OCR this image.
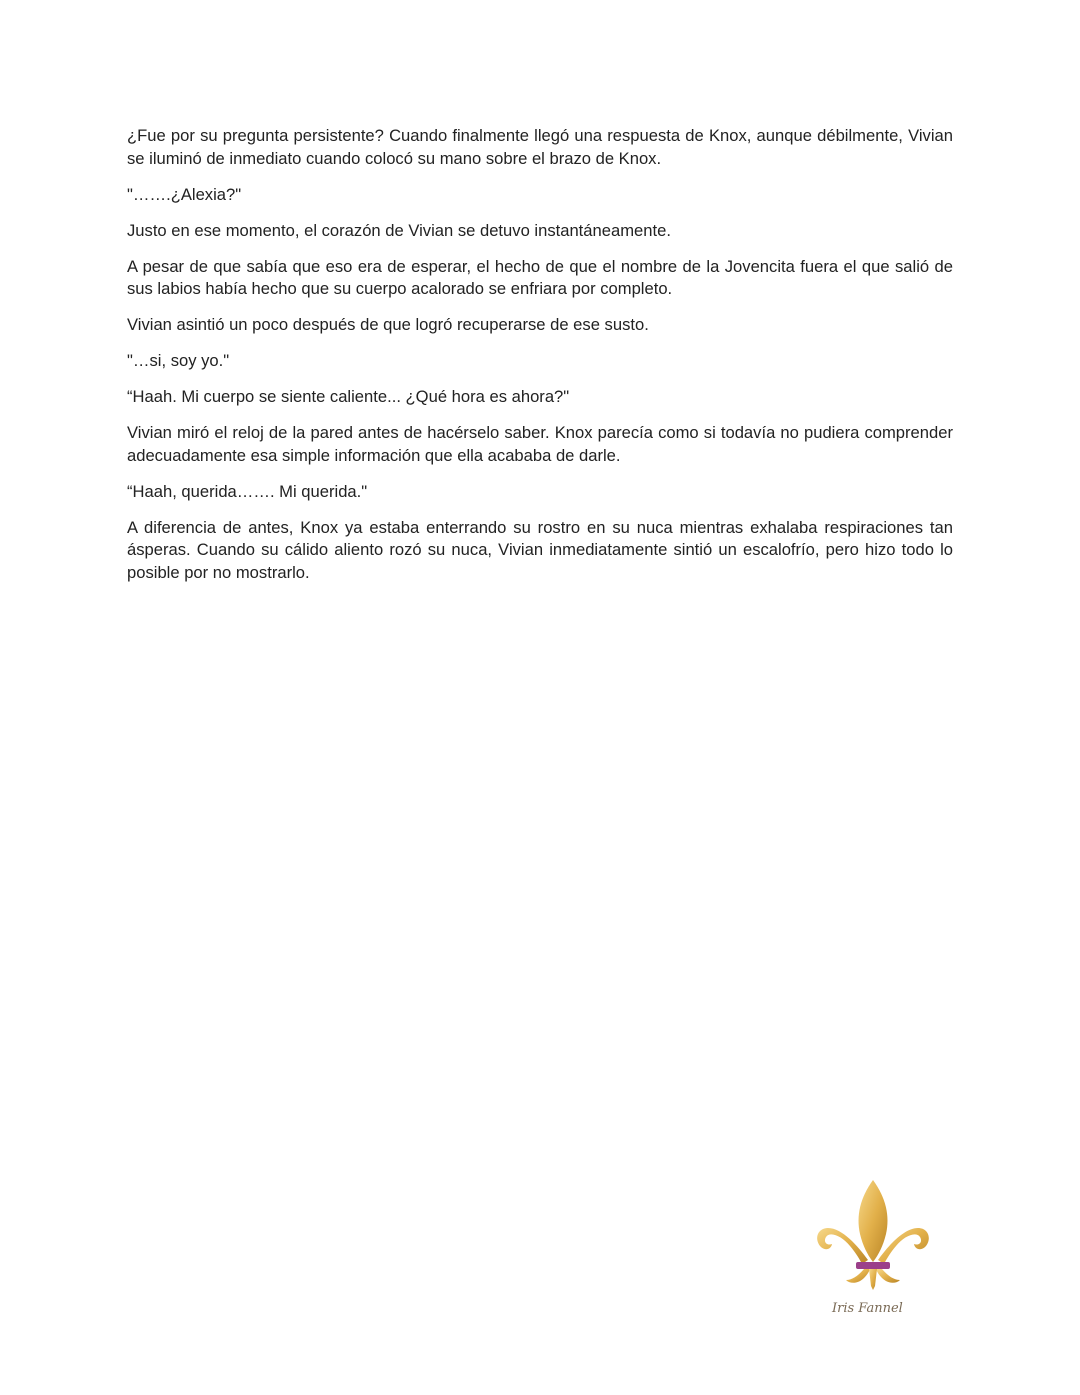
¿Fue por su pregunta persistente? Cuando finalmente llegó una respuesta de Knox, aunque débilmente, Vivian se iluminó de inmediato cuando colocó su mano sobre el brazo de Knox.

"…….¿Alexia?"

Justo en ese momento, el corazón de Vivian se detuvo instantáneamente.

A pesar de que sabía que eso era de esperar, el hecho de que el nombre de la Jovencita fuera el que salió de sus labios había hecho que su cuerpo acalorado se enfriara por completo.

Vivian asintió un poco después de que logró recuperarse de ese susto.

"…si, soy yo."

“Haah. Mi cuerpo se siente caliente... ¿Qué hora es ahora?"

Vivian miró el reloj de la pared antes de hacérselo saber. Knox parecía como si todavía no pudiera comprender adecuadamente esa simple información que ella acababa de darle.

“Haah, querida……. Mi querida."

A diferencia de antes, Knox ya estaba enterrando su rostro en su nuca mientras exhalaba respiraciones tan ásperas. Cuando su cálido aliento rozó su nuca, Vivian inmediatamente sintió un escalofrío, pero hizo todo lo posible por no mostrarlo.

Iris Fannel
